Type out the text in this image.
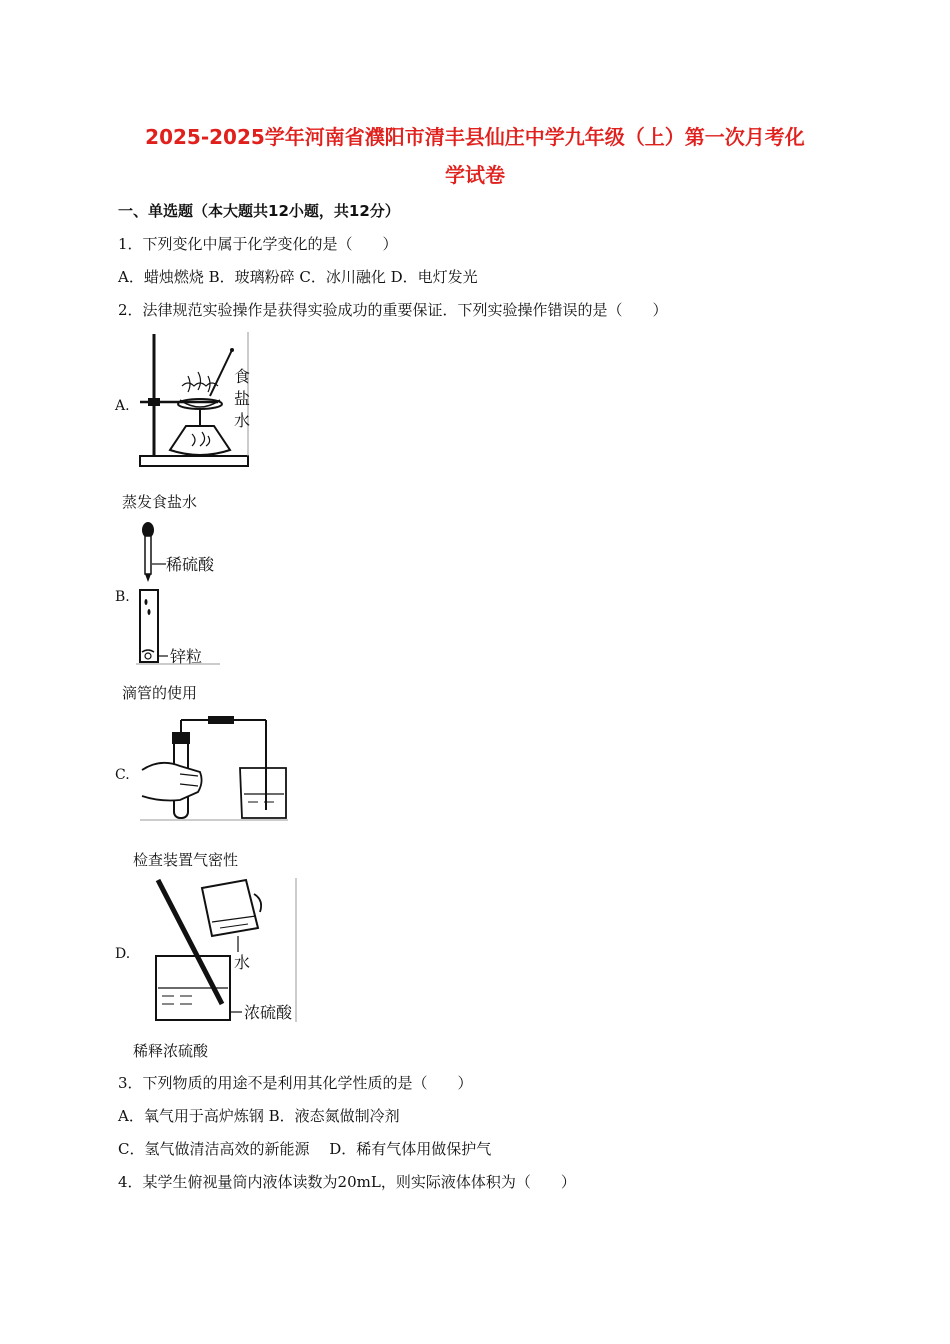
2025-2025学年河南省濮阳市清丰县仙庄中学九年级（上）第一次月考化
学试卷
一、单选题（本大题共12小题，共12分）
1．下列变化中属于化学变化的是（　　）
A．蜡烛燃烧 B．玻璃粉碎 C．冰川融化 D．电灯发光
2．法律规范实验操作是获得实验成功的重要保证．下列实验操作错误的是（　　）
A.
食
盐
水
蒸发食盐水
B.
稀硫酸
锌粒
滴管的使用
C.
检查装置气密性
D.	水
浓硫酸
稀释浓硫酸
3．下列物质的用途不是利用其化学性质的是（　　）
A．氧气用于高炉炼钢 B．液态氮做制冷剂
C．氢气做清洁高效的新能源　 D．稀有气体用做保护气
4．某学生俯视量筒内液体读数为20mL，则实际液体体积为（　　）
